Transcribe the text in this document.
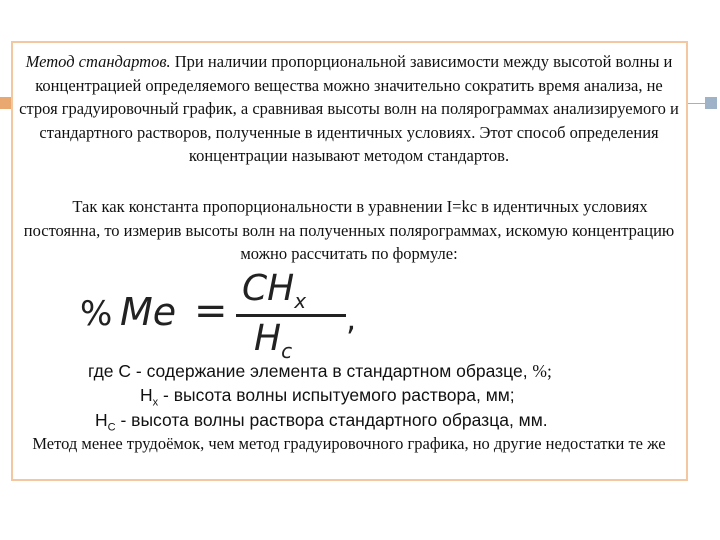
Метод стандартов. При наличии пропорциональной зависимости между высотой волны и концентрацией определяемого вещества можно значительно сократить время анализа, не строя градуировочный график, а сравнивая высоты волн на полярограммах анализируемого и стандартного растворов, полученные в идентичных условиях. Этот способ определения концентрации называют методом стандартов.
Так как константа пропорциональности в уравнении I=kc в идентичных условиях постоянна, то измерив высоты волн на полученных полярограммах, искомую концентрацию можно рассчитать по формуле:
% $Me = CH_x$
$H_c$
,
где С - содержание элемента в стандартном образце, %;
$Н_х$ - высота волны испытуемого раствора, мм;
$Н_С$ - высота волны раствора стандартного образца, мм.
Метод менее трудоёмок, чем метод градуировочного графика, но другие недостатки те же
